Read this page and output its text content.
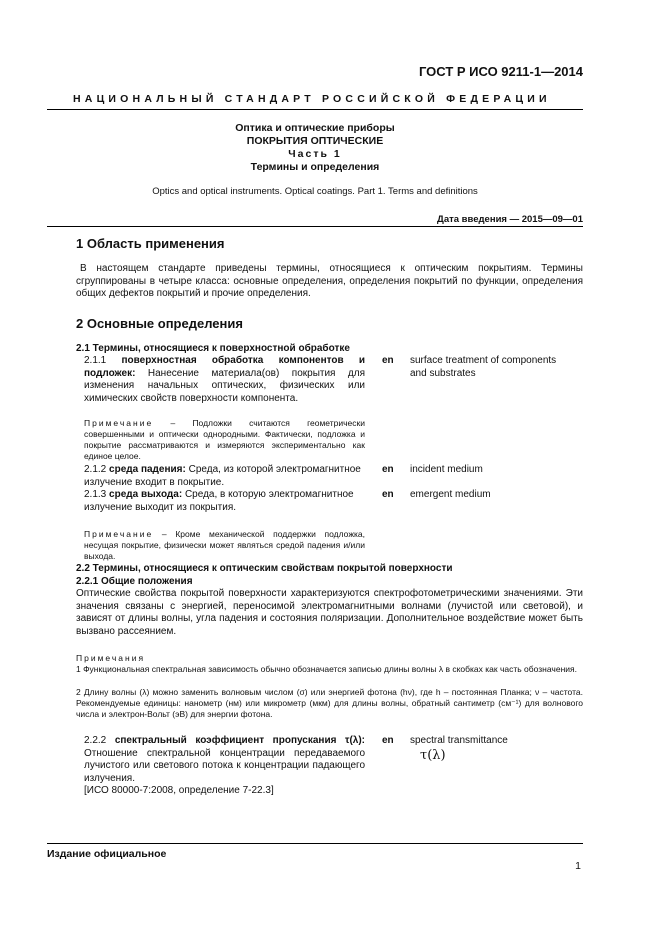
ГОСТ Р ИСО 9211-1—2014
НАЦИОНАЛЬНЫЙ СТАНДАРТ РОССИЙСКОЙ ФЕДЕРАЦИИ
Оптика и оптические приборы
ПОКРЫТИЯ ОПТИЧЕСКИЕ
Часть 1
Термины и определения
Optics and optical instruments. Optical coatings. Part 1. Terms and definitions
Дата введения — 2015—09—01
1 Область применения
В настоящем стандарте приведены термины, относящиеся к оптическим покрытиям. Термины сгруппированы в четыре класса: основные определения, определения покрытий по функции, определения общих дефектов покрытий и прочие определения.
2 Основные определения
2.1 Термины, относящиеся к поверхностной обработке
2.1.1 поверхностная обработка компонентов и подложек: Нанесение материала(ов) покрытия для изменения начальных оптических, физических или химических свойств поверхности компонента.
en surface treatment of components and substrates
Примечание – Подложки считаются геометрически совершенными и оптически однородными. Фактически, подложка и покрытие рассматриваются и измеряются экспериментально как единое целое.
2.1.2 среда падения: Среда, из которой электромагнитное излучение входит в покрытие.
en incident medium
2.1.3 среда выхода: Среда, в которую электромагнитное излучение выходит из покрытия.
en emergent medium
Примечание – Кроме механической поддержки подложка, несущая покрытие, физически может являться средой падения и/или выхода.
2.2 Термины, относящиеся к оптическим свойствам покрытой поверхности
2.2.1 Общие положения
Оптические свойства покрытой поверхности характеризуются спектрофотометрическими значениями. Эти значения связаны с энергией, переносимой электромагнитными волнами (лучистой или световой), и зависят от длины волны, угла падения и состояния поляризации. Дополнительное воздействие может быть вызвано рассеянием.
Примечания
1 Функциональная спектральная зависимость обычно обозначается записью длины волны λ в скобках как часть обозначения.
2 Длину волны (λ) можно заменить волновым числом (σ) или энергией фотона (hν), где h – постоянная Планка; ν – частота. Рекомендуемые единицы: нанометр (нм) или микрометр (мкм) для длины волны, обратный сантиметр (см⁻¹) для волнового числа и электрон-Вольт (эВ) для энергии фотона.
2.2.2 спектральный коэффициент пропускания τ(λ): Отношение спектральной концентрации передаваемого лучистого или светового потока к концентрации падающего излучения.
[ИСО 80000-7:2008, определение 7-22.3]
en spectral transmittance
τ(λ)
Издание официальное
1
